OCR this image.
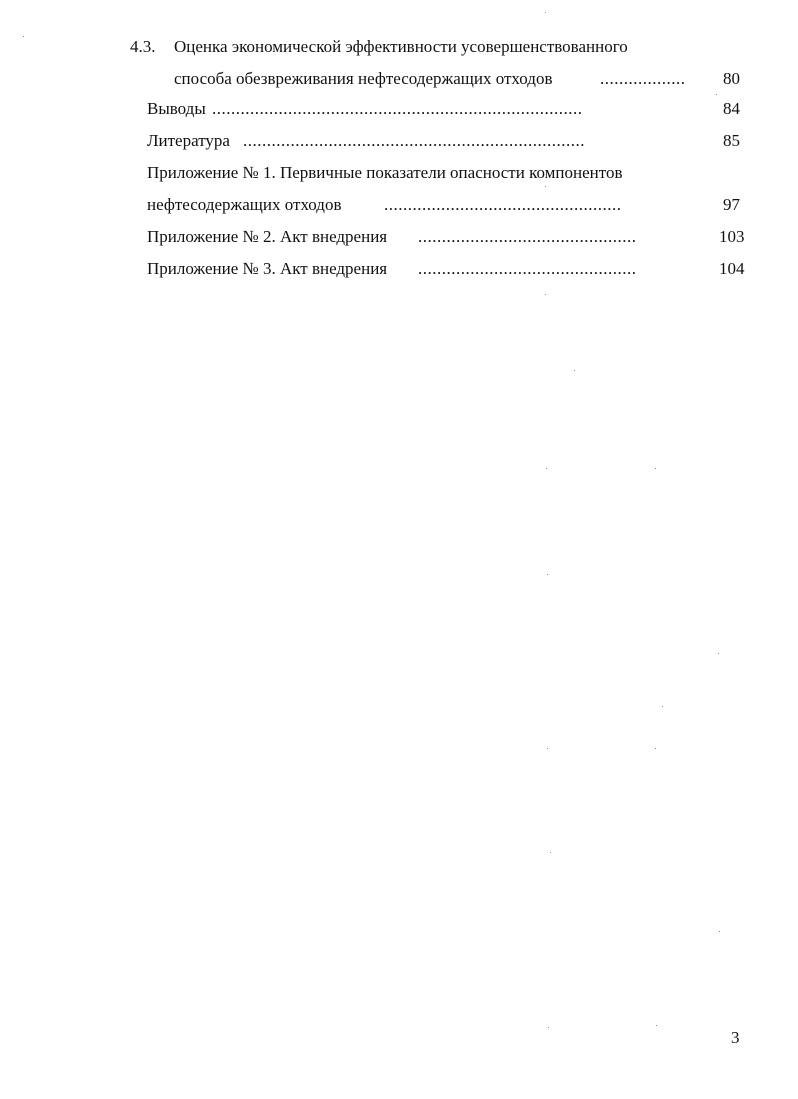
4.3. Оценка экономической эффективности усовершенствованного
способа обезвреживания нефтесодержащих отходов	..................	80
Выводы ..............................................................................	84
Литература ........................................................................	85
Приложение № 1. Первичные показатели опасности компонентов
нефтесодержащих отходов	..................................................	97
Приложение № 2. Акт внедрения ..............................................	103
Приложение № 3. Акт внедрения ..............................................	104
3
